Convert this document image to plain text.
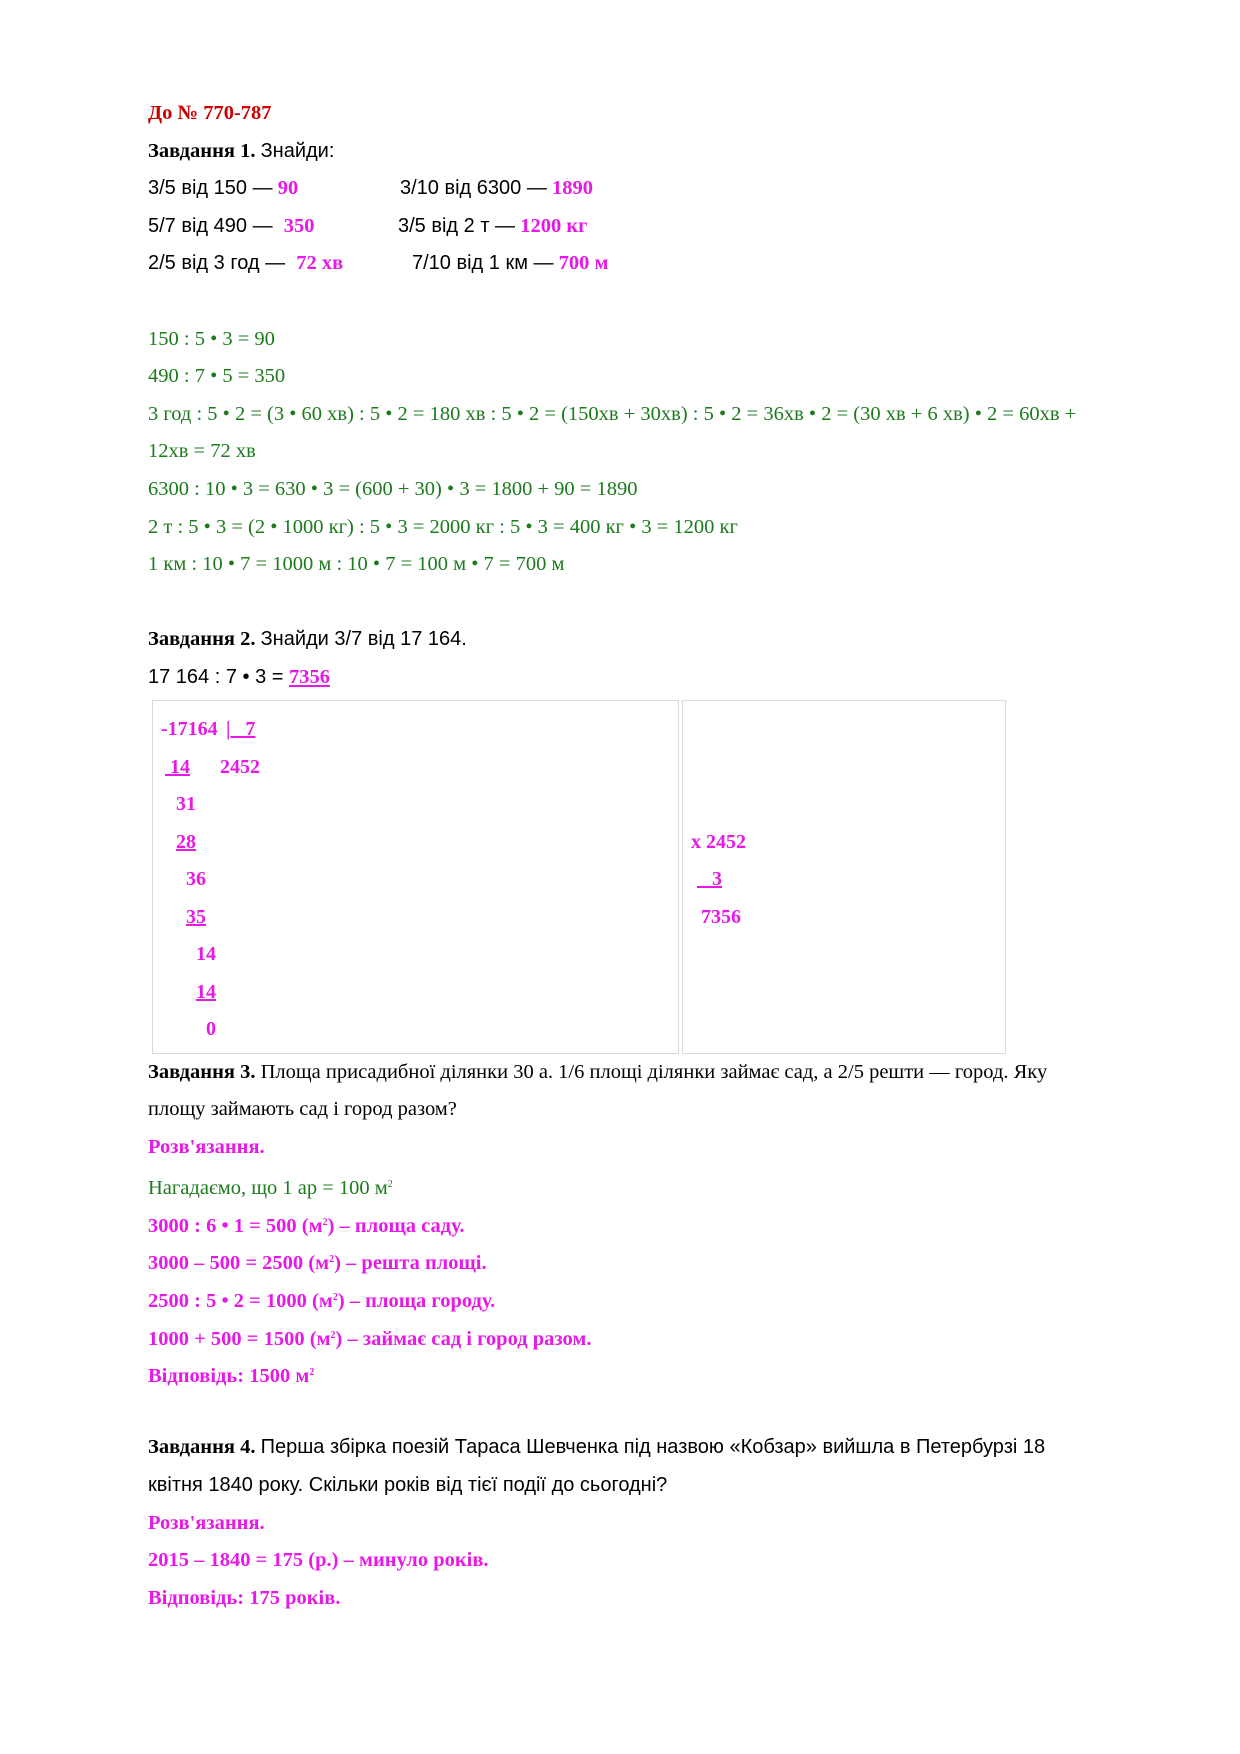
До № 770-787
Завдання 1. Знайди:
3/5 від 150 — 90	3/10 від 6300 — 1890
5/7 від 490 — 350	3/5 від 2 т — 1200 кг
2/5 від 3 год — 72 хв	7/10 від 1 км — 700 м
150 : 5 • 3 = 90
490 : 7 • 5 = 350
3 год : 5 • 2 = (3 • 60 хв) : 5 • 2 = 180 хв : 5 • 2 = (150хв + 30хв) : 5 • 2 = 36хв • 2 = (30 хв + 6 хв) • 2 = 60хв +
12хв = 72 хв
6300 : 10 • 3 = 630 • 3 = (600 + 30) • 3 = 1800 + 90 = 1890
2 т : 5 • 3 = (2 • 1000 кг) : 5 • 3 = 2000 кг : 5 • 3 = 400 кг • 3 = 1200 кг
1 км : 10 • 7 = 1000 м : 10 • 7 = 100 м • 7 = 700 м
Завдання 2. Знайди 3/7 від 17 164.
17 164 : 7 • 3 = 7356
-17164 | 7
14 2452
31
28
36
35
14
14
0
x 2452
3
7356
Завдання 3. Площа присадибної ділянки 30 а. 1/6 площі ділянки займає сад, а 2/5 решти — город. Яку
площу займають сад і город разом?
Розв'язання.
Нагадаємо, що 1 ар = 100 $м^2$
3000 : 6 • 1 = 500 $(м^2)$ – площа саду.
3000 – 500 = 2500 $(м^2)$ – решта площі.
2500 : 5 • 2 = 1000 $(м^2)$ – площа городу.
1000 + 500 = 1500 $(м^2)$ – займає сад і город разом.
Відповідь: 1500 $м^2$
Завдання 4. Перша збірка поезій Тараса Шевченка під назвою «Кобзар» вийшла в Петербурзі 18
квітня 1840 року. Скільки років від тієї події до сьогодні?
Розв'язання.
2015 – 1840 = 175 (р.) – минуло років.
Відповідь: 175 років.
